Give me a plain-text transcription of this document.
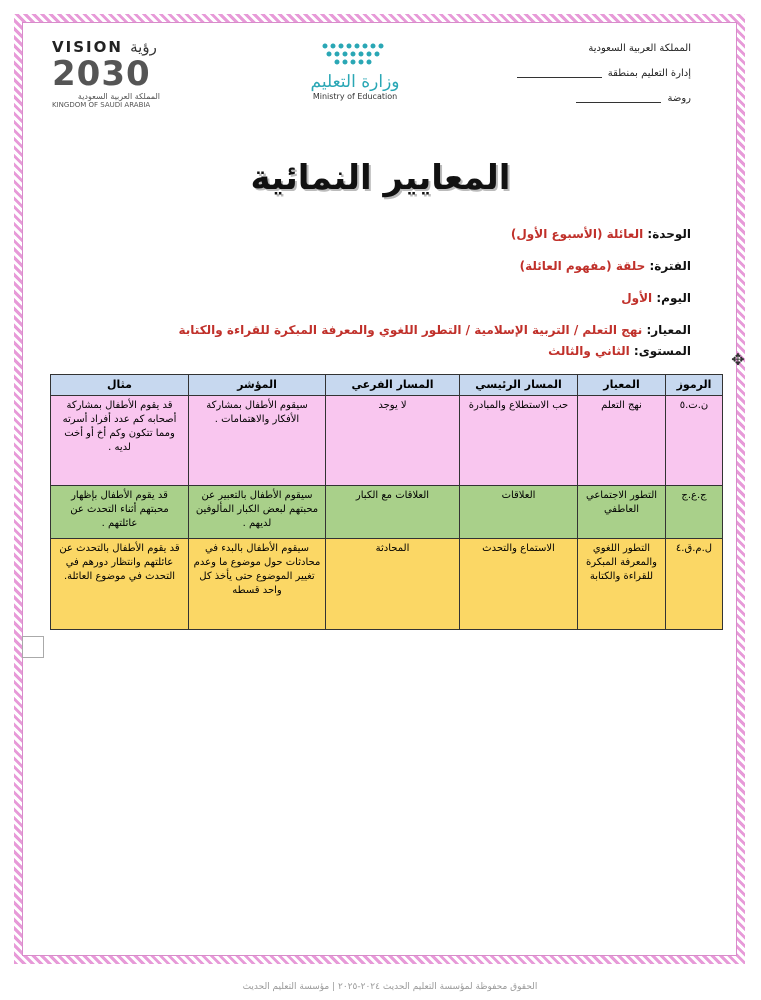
المملكة العربية السعودية
إدارة التعليم بمنطقة
روضة
وزارة التعليم
Ministry of Education
VISION رؤية
2030
المملكة العربية السعودية
KINGDOM OF SAUDI ARABIA
المعايير النمائية
الوحدة: العائلة (الأسبوع الأول)
الفترة: حلقة (مفهوم العائلة)
اليوم: الأول
المعيار: نهج التعلم / التربية الإسلامية / التطور اللغوي والمعرفة المبكرة للقراءة والكتابة
المستوى: الثاني والثالث	✥
الرموز	المعيار	المسار الرئيسي	المسار الفرعي	المؤشر	مثال
ن.ت.٥	نهج التعلم	حب الاستطلاع والمبادرة	لا يوجد	سيقوم الأطفال بمشاركة الأفكار والاهتمامات .	قد يقوم الأطفال بمشاركة أصحابه كم عدد أفراد أسرته ومما تتكون وكم أخ أو أخت لديه .
ج.ع.ج	التطور الاجتماعي العاطفي	العلاقات	العلاقات مع الكبار	سيقوم الأطفال بالتعبير عن محبتهم لبعض الكبار المألوفين لديهم .	قد يقوم الأطفال بإظهار محبتهم أثناء التحدث عن عائلتهم .
ل.م.ق.٤	التطور اللغوي والمعرفة المبكرة للقراءة والكتابة	الاستماع والتحدث	المحادثة	سيقوم الأطفال بالبدء في محادثات حول موضوع ما وعدم تغيير الموضوع حتى يأخذ كل واحد قسطه	قد يقوم الأطفال بالتحدث عن عائلتهم وانتظار دورهم في التحدث في موضوع العائلة.
الحقوق محفوظة لمؤسسة التعليم الحديث ٢٠٢٤-٢٠٢٥ | مؤسسة التعليم الحديث
